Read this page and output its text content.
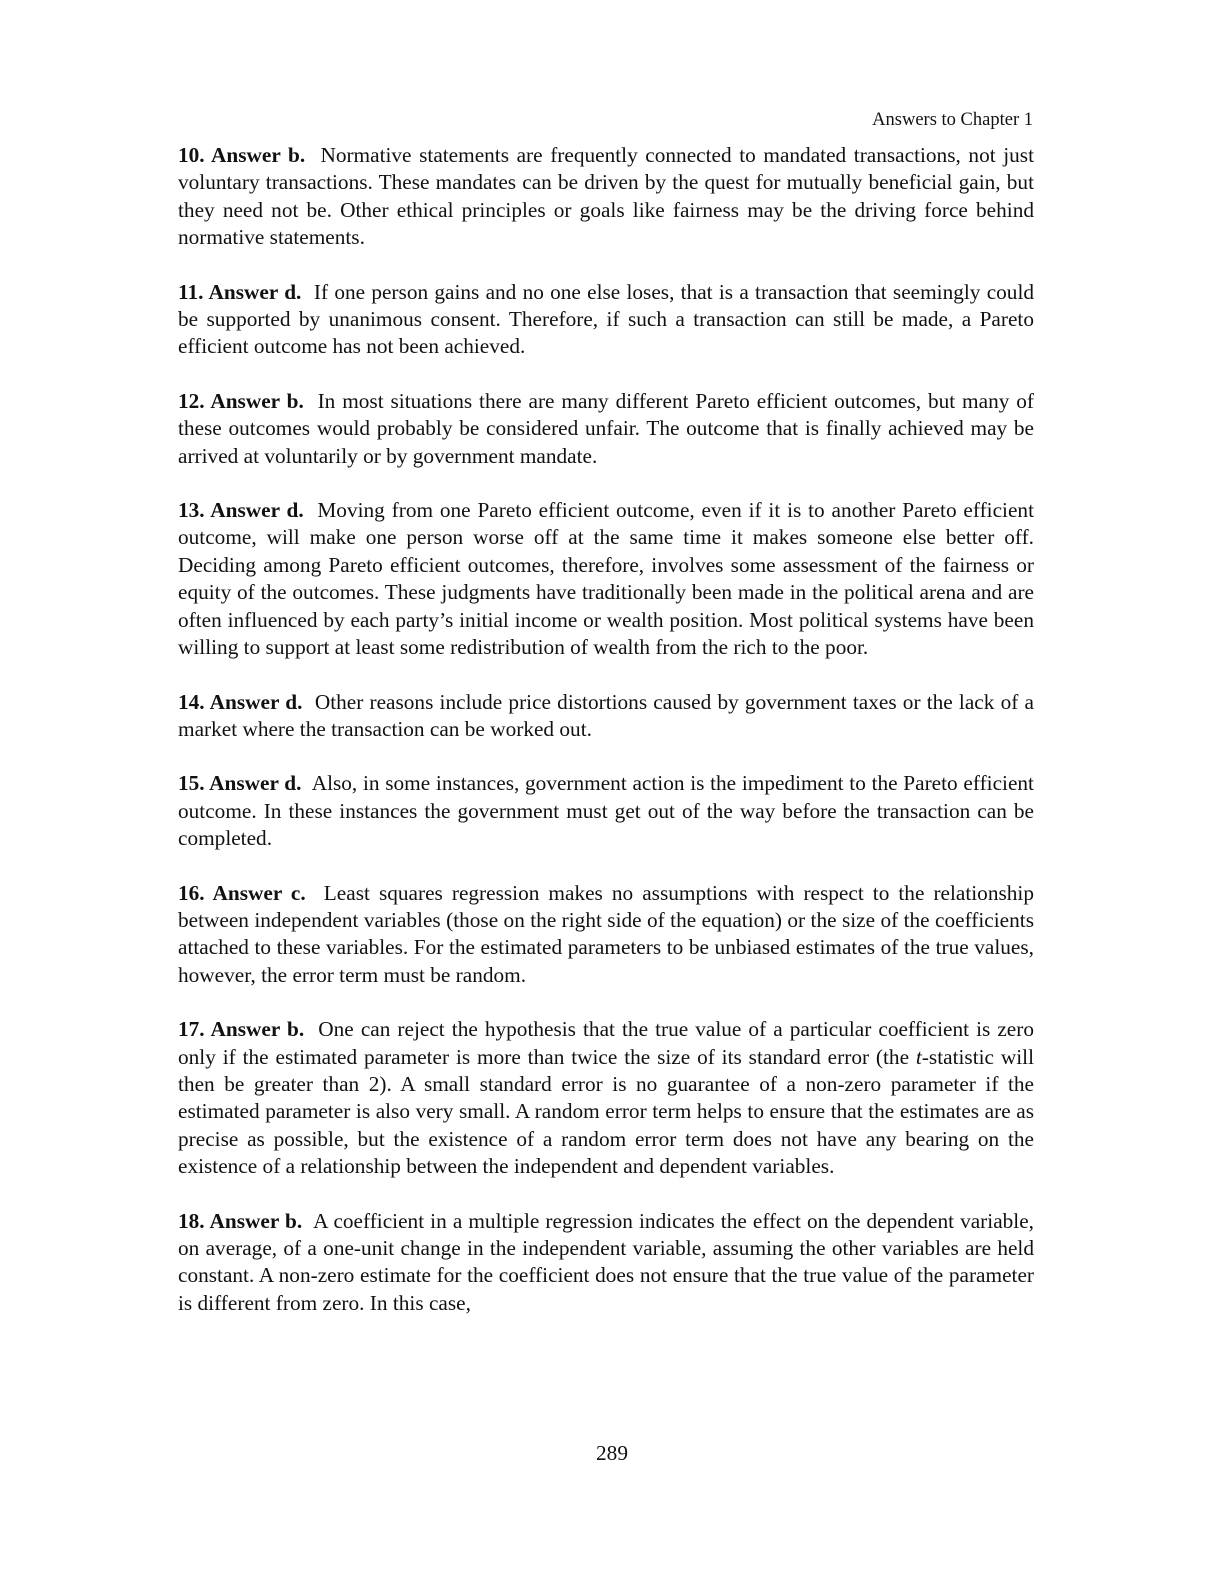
Answers to Chapter 1

10. Answer b. Normative statements are frequently connected to mandated transactions, not just voluntary transactions. These mandates can be driven by the quest for mutually beneficial gain, but they need not be. Other ethical principles or goals like fairness may be the driving force behind normative statements.

11. Answer d. If one person gains and no one else loses, that is a transaction that seemingly could be supported by unanimous consent. Therefore, if such a transaction can still be made, a Pareto efficient outcome has not been achieved.

12. Answer b. In most situations there are many different Pareto efficient outcomes, but many of these outcomes would probably be considered unfair. The outcome that is finally achieved may be arrived at voluntarily or by government mandate.

13. Answer d. Moving from one Pareto efficient outcome, even if it is to another Pareto efficient outcome, will make one person worse off at the same time it makes someone else better off. Deciding among Pareto efficient outcomes, therefore, involves some assessment of the fairness or equity of the outcomes. These judgments have traditionally been made in the political arena and are often influenced by each party’s initial income or wealth position. Most political systems have been willing to support at least some redistribution of wealth from the rich to the poor.

14. Answer d. Other reasons include price distortions caused by government taxes or the lack of a market where the transaction can be worked out.

15. Answer d. Also, in some instances, government action is the impediment to the Pareto efficient outcome. In these instances the government must get out of the way before the transaction can be completed.

16. Answer c. Least squares regression makes no assumptions with respect to the relationship between independent variables (those on the right side of the equation) or the size of the coefficients attached to these variables. For the estimated parameters to be unbiased estimates of the true values, however, the error term must be random.

17. Answer b. One can reject the hypothesis that the true value of a particular coefficient is zero only if the estimated parameter is more than twice the size of its standard error (the t-statistic will then be greater than 2). A small standard error is no guarantee of a non-zero parameter if the estimated parameter is also very small. A random error term helps to ensure that the estimates are as precise as possible, but the existence of a random error term does not have any bearing on the existence of a relationship between the independent and dependent variables.

18. Answer b. A coefficient in a multiple regression indicates the effect on the dependent variable, on average, of a one-unit change in the independent variable, assuming the other variables are held constant. A non-zero estimate for the coefficient does not ensure that the true value of the parameter is different from zero. In this case,

289
